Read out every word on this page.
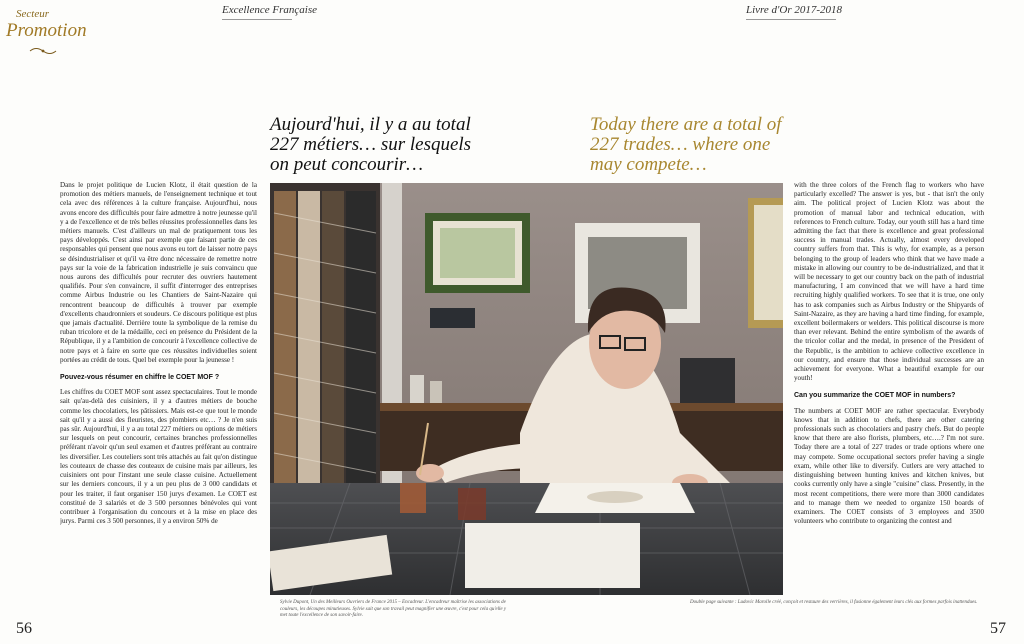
Secteur
Promotion
Excellence Française	Livre d'Or 2017-2018
Aujourd'hui, il y a au total 227 métiers… sur lesquels on peut concourir…
Today there are a total of 227 trades… where one may compete…

Dans le projet politique de Lucien Klotz, il était question de la promotion des métiers manuels, de l'enseignement technique et tout cela avec des références à la culture française. Aujourd'hui, nous avons encore des difficultés pour faire admettre à notre jeunesse qu'il y a de l'excellence et de très belles réussites professionnelles dans les métiers manuels. C'est d'ailleurs un mal de pratiquement tous les pays développés. C'est ainsi par exemple que faisant partie de ces responsables qui pensent que nous avons eu tort de laisser notre pays se désindustrialiser et qu'il va être donc nécessaire de remettre notre pays sur la voie de la fabrication industrielle je suis convaincu que nous aurons des difficultés pour recruter des ouvriers hautement qualifiés. Pour s'en convaincre, il suffit d'interroger des entreprises comme Airbus Industrie ou les Chantiers de Saint-Nazaire qui rencontrent beaucoup de difficultés à trouver par exemple d'excellents chaudronniers et soudeurs. Ce discours politique est plus que jamais d'actualité. Derrière toute la symbolique de la remise du ruban tricolore et de la médaille, ceci en présence du Président de la République, il y a l'ambition de concourir à l'excellence collective de notre pays et à faire en sorte que ces réussites individuelles soient portées au crédit de tous. Quel bel exemple pour la jeunesse !

Pouvez-vous résumer en chiffre le COET MOF ?

Les chiffres du COET MOF sont assez spectaculaires. Tout le monde sait qu'au-delà des cuisiniers, il y a d'autres métiers de bouche comme les chocolatiers, les pâtissiers. Mais est-ce que tout le monde sait qu'il y a aussi des fleuristes, des plombiers etc… ? Je n'en suis pas sûr. Aujourd'hui, il y a au total 227 métiers ou options de métiers sur lesquels on peut concourir, certaines branches professionnelles préférant n'avoir qu'un seul examen et d'autres préférant au contraire les diversifier. Les couteliers sont très attachés au fait qu'on distingue les couteaux de chasse des couteaux de cuisine mais par ailleurs, les cuisiniers ont pour l'instant une seule classe cuisine. Actuellement sur les derniers concours, il y a un peu plus de 3 000 candidats et pour les traiter, il faut organiser 150 jurys d'examen. Le COET est constitué de 3 salariés et de 3 500 personnes bénévoles qui vont contribuer à l'organisation du concours et à la mise en place des jurys. Parmi ces 3 500 personnes, il y a environ 50% de

with the three colors of the French flag to workers who have particularly excelled? The answer is yes, but - that isn't the only aim. The political project of Lucien Klotz was about the promotion of manual labor and technical education, with references to French culture. Today, our youth still has a hard time admitting the fact that there is excellence and great professional success in manual trades. Actually, almost every developed country suffers from that. This is why, for example, as a person belonging to the group of leaders who think that we have made a mistake in allowing our country to be de-industrialized, and that it will be necessary to get our country back on the path of industrial manufacturing, I am convinced that we will have a hard time recruiting highly qualified workers. To see that it is true, one only has to ask companies such as Airbus Industry or the Shipyards of Saint-Nazaire, as they are having a hard time finding, for example, excellent boilermakers or welders. This political discourse is more than ever relevant. Behind the entire symbolism of the awards of the tricolor collar and the medal, in presence of the President of the Republic, is the ambition to achieve collective excellence in our country, and ensure that those individual successes are an achievement for everyone. What a beautiful example for our youth!

Can you summarize the COET MOF in numbers?

The numbers at COET MOF are rather spectacular. Everybody knows that in addition to chefs, there are other catering professionals such as chocolatiers and pastry chefs. But do people know that there are also florists, plumbers, etc….? I'm not sure. Today there are a total of 227 trades or trade options where one may compete. Some occupational sectors prefer having a single exam, while other like to diversify. Cutlers are very attached to distinguishing between hunting knives and kitchen knives, but cooks currently only have a single "cuisine" class. Presently, in the most recent competitions, there were more than 3000 candidates and to manage them we needed to organize 150 boards of examiners. The COET consists of 3 employees and 3500 volunteers who contribute to organizing the contest and

Sylvie Dupont, Un des Meilleurs Ouvriers de France 2015 – Encadreur. L'encadreur maîtrise les associations de couleurs, les découpes minutieuses. Sylvie sait que son travail peut magnifier une œuvre, c'est pour cela qu'elle y met toute l'excellence de son savoir-faire.
Double page suivante : Ludovic Marolle créé, conçoit et restaure des verrières, il fusionne également leurs clés aux formes parfois inattendues.
56	57
